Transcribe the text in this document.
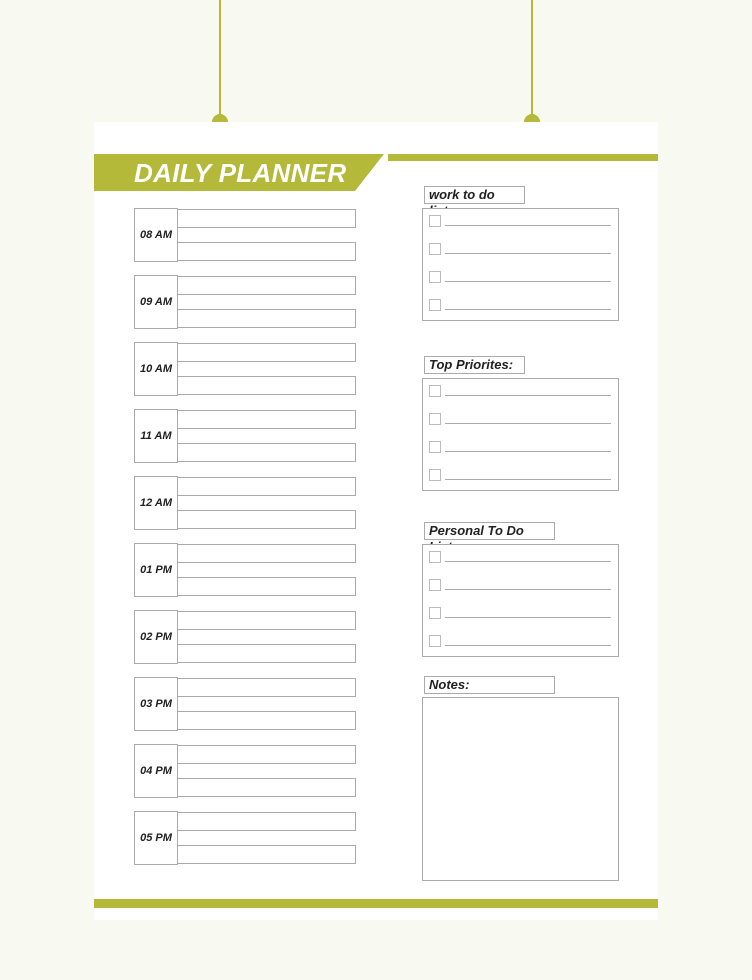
DAILY PLANNER
08 AM
09 AM
10 AM
11 AM
12 AM
01 PM
02 PM
03 PM
04 PM
05 PM
work to do
Top Priorites:
Personal To Do
Notes:
